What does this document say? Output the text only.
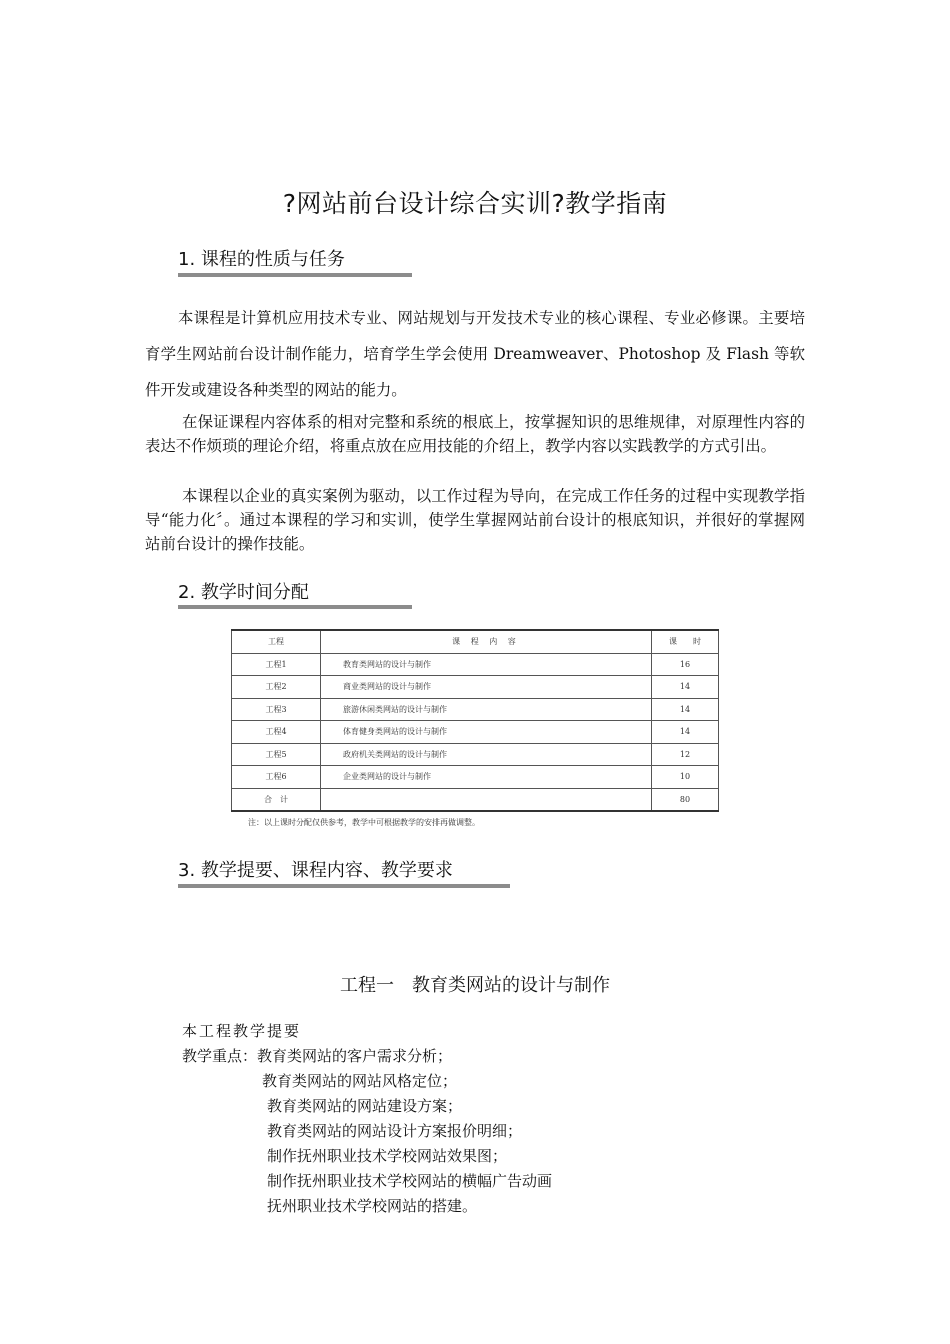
?网站前台设计综合实训?教学指南
1. 课程的性质与任务
本课程是计算机应用技术专业、网站规划与开发技术专业的核心课程、专业必修课。主要培育学生网站前台设计制作能力，培育学生学会使用 Dreamweaver、Photoshop 及 Flash 等软件开发或建设各种类型的网站的能力。
在保证课程内容体系的相对完整和系统的根底上，按掌握知识的思维规律，对原理性内容的表达不作烦琐的理论介绍，将重点放在应用技能的介绍上，教学内容以实践教学的方式引出。
本课程以企业的真实案例为驱动，以工作过程为导向，在完成工作任务的过程中实现教学指导“能力化〞。通过本课程的学习和实训，使学生掌握网站前台设计的根底知识，并很好的掌握网站前台设计的操作技能。
2. 教学时间分配
工程	课 程 内 容	课　　时
工程1	教育类网站的设计与制作	16
工程2	商业类网站的设计与制作	14
工程3	旅游休闲类网站的设计与制作	14
工程4	体育健身类网站的设计与制作	14
工程5	政府机关类网站的设计与制作	12
工程6	企业类网站的设计与制作	10
合　计		80
注：以上课时分配仅供参考，教学中可根据教学的安排再做调整。
3. 教学提要、课程内容、教学要求
工程一　教育类网站的设计与制作
本工程教学提要
教学重点：教育类网站的客户需求分析；
教育类网站的网站风格定位；
教育类网站的网站建设方案；
教育类网站的网站设计方案报价明细；
制作抚州职业技术学校网站效果图；
制作抚州职业技术学校网站的横幅广告动画
抚州职业技术学校网站的搭建。
